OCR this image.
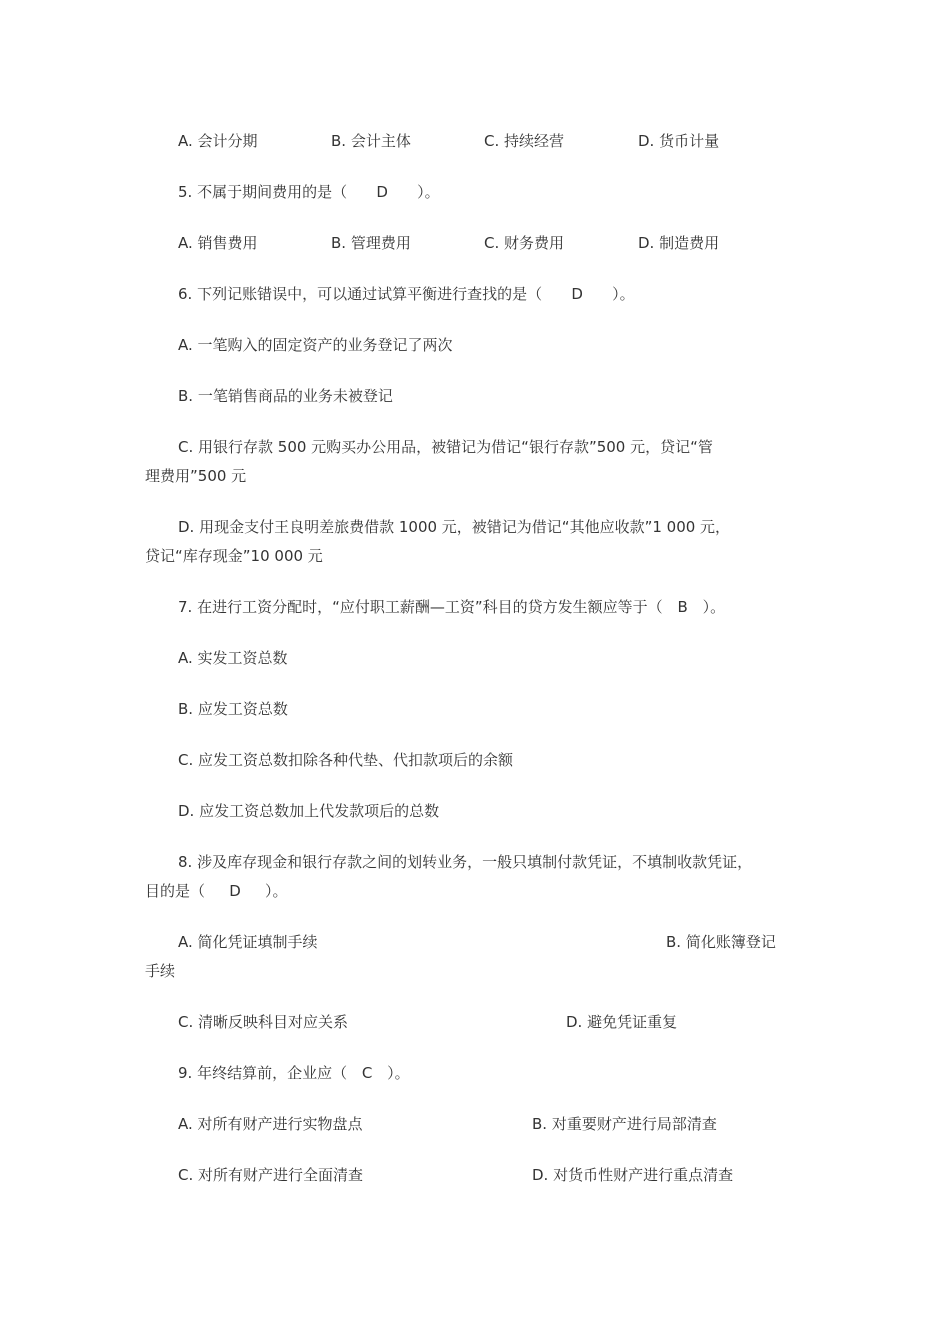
A. 会计分期	B. 会计主体	C. 持续经营	D. 货币计量
5. 不属于期间费用的是（ D ）。
A. 销售费用	B. 管理费用	C. 财务费用	D. 制造费用
6. 下列记账错误中，可以通过试算平衡进行查找的是（ D ）。
A. 一笔购入的固定资产的业务登记了两次
B. 一笔销售商品的业务未被登记
C. 用银行存款 500 元购买办公用品，被错记为借记“银行存款”500 元，贷记“管
理费用”500 元
D. 用现金支付王良明差旅费借款 1000 元，被错记为借记“其他应收款”1 000 元，
贷记“库存现金”10 000 元
7. 在进行工资分配时，“应付职工薪酬—工资”科目的贷方发生额应等于（ B ）。
A. 实发工资总数
B. 应发工资总数
C. 应发工资总数扣除各种代垫、代扣款项后的余额
D. 应发工资总数加上代发款项后的总数
8. 涉及库存现金和银行存款之间的划转业务，一般只填制付款凭证，不填制收款凭证，
目的是（ D ）。
A. 简化凭证填制手续	B. 简化账簿登记
手续
C. 清晰反映科目对应关系	D. 避免凭证重复
9. 年终结算前，企业应（ C ）。
A. 对所有财产进行实物盘点	B. 对重要财产进行局部清查
C. 对所有财产进行全面清查	D. 对货币性财产进行重点清查
